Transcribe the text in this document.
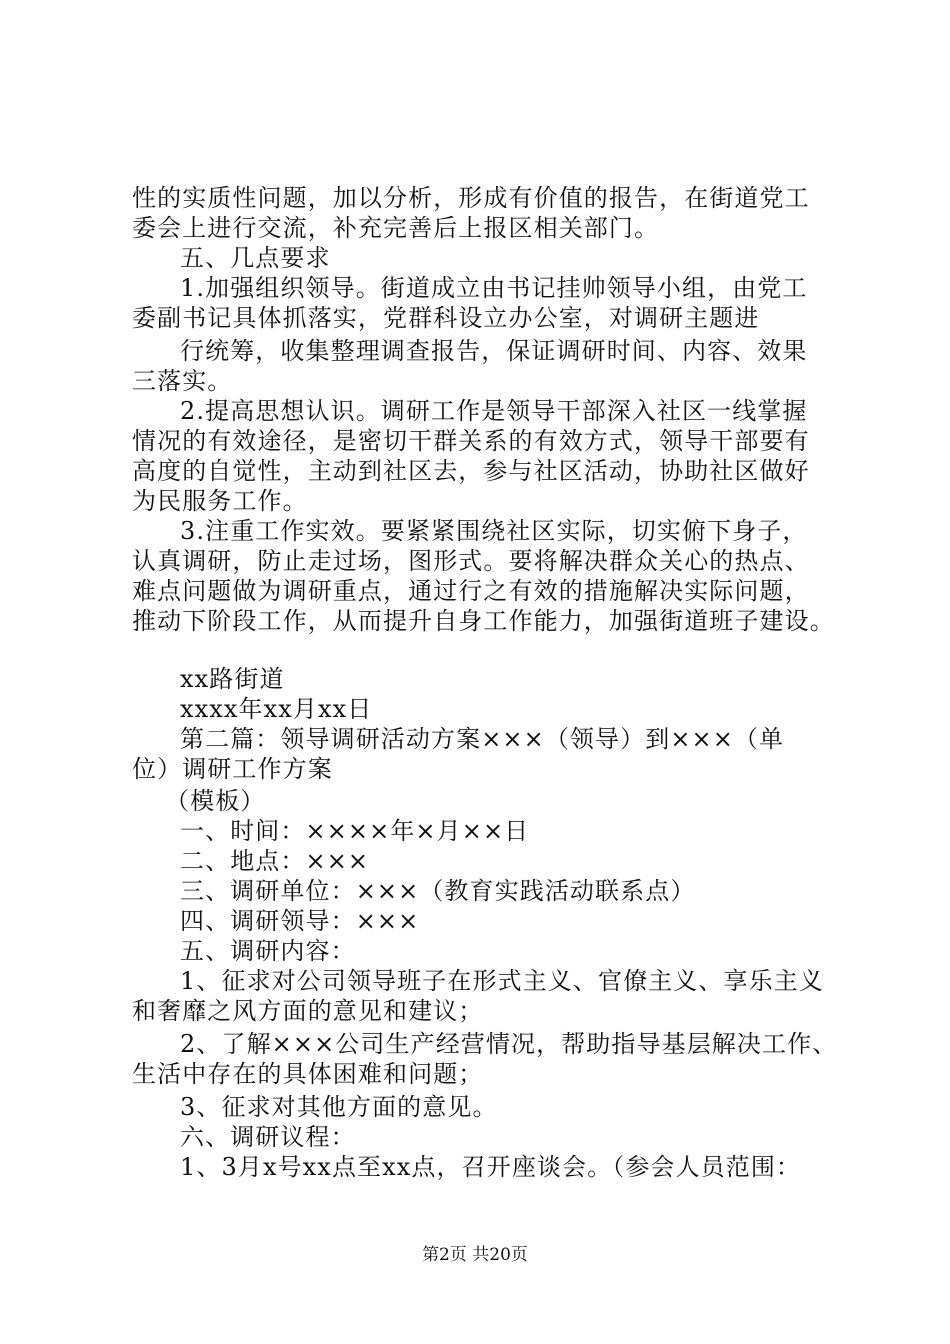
性的实质性问题，加以分析，形成有价值的报告，在街道党工
委会上进行交流，补充完善后上报区相关部门。
五、几点要求
1.加强组织领导。街道成立由书记挂帅领导小组，由党工
委副书记具体抓落实，党群科设立办公室，对调研主题进
行统筹，收集整理调查报告，保证调研时间、内容、效果
三落实。
2.提高思想认识。调研工作是领导干部深入社区一线掌握
情况的有效途径，是密切干群关系的有效方式，领导干部要有
高度的自觉性，主动到社区去，参与社区活动，协助社区做好
为民服务工作。
3.注重工作实效。要紧紧围绕社区实际，切实俯下身子，
认真调研，防止走过场，图形式。要将解决群众关心的热点、
难点问题做为调研重点，通过行之有效的措施解决实际问题，
推动下阶段工作，从而提升自身工作能力，加强街道班子建设。
xx路街道
xxxx年xx月xx日
第二篇：领导调研活动方案×××（领导）到×××（单
位）调研工作方案
（模板）
一、时间：××××年×月××日
二、地点：×××
三、调研单位：×××（教育实践活动联系点）
四、调研领导：×××
五、调研内容：
1、征求对公司领导班子在形式主义、官僚主义、享乐主义
和奢靡之风方面的意见和建议；
2、了解×××公司生产经营情况，帮助指导基层解决工作、
生活中存在的具体困难和问题；
3、征求对其他方面的意见。
六、调研议程：
1、3月x号xx点至xx点，召开座谈会。（参会人员范围：
第2页 共20页
